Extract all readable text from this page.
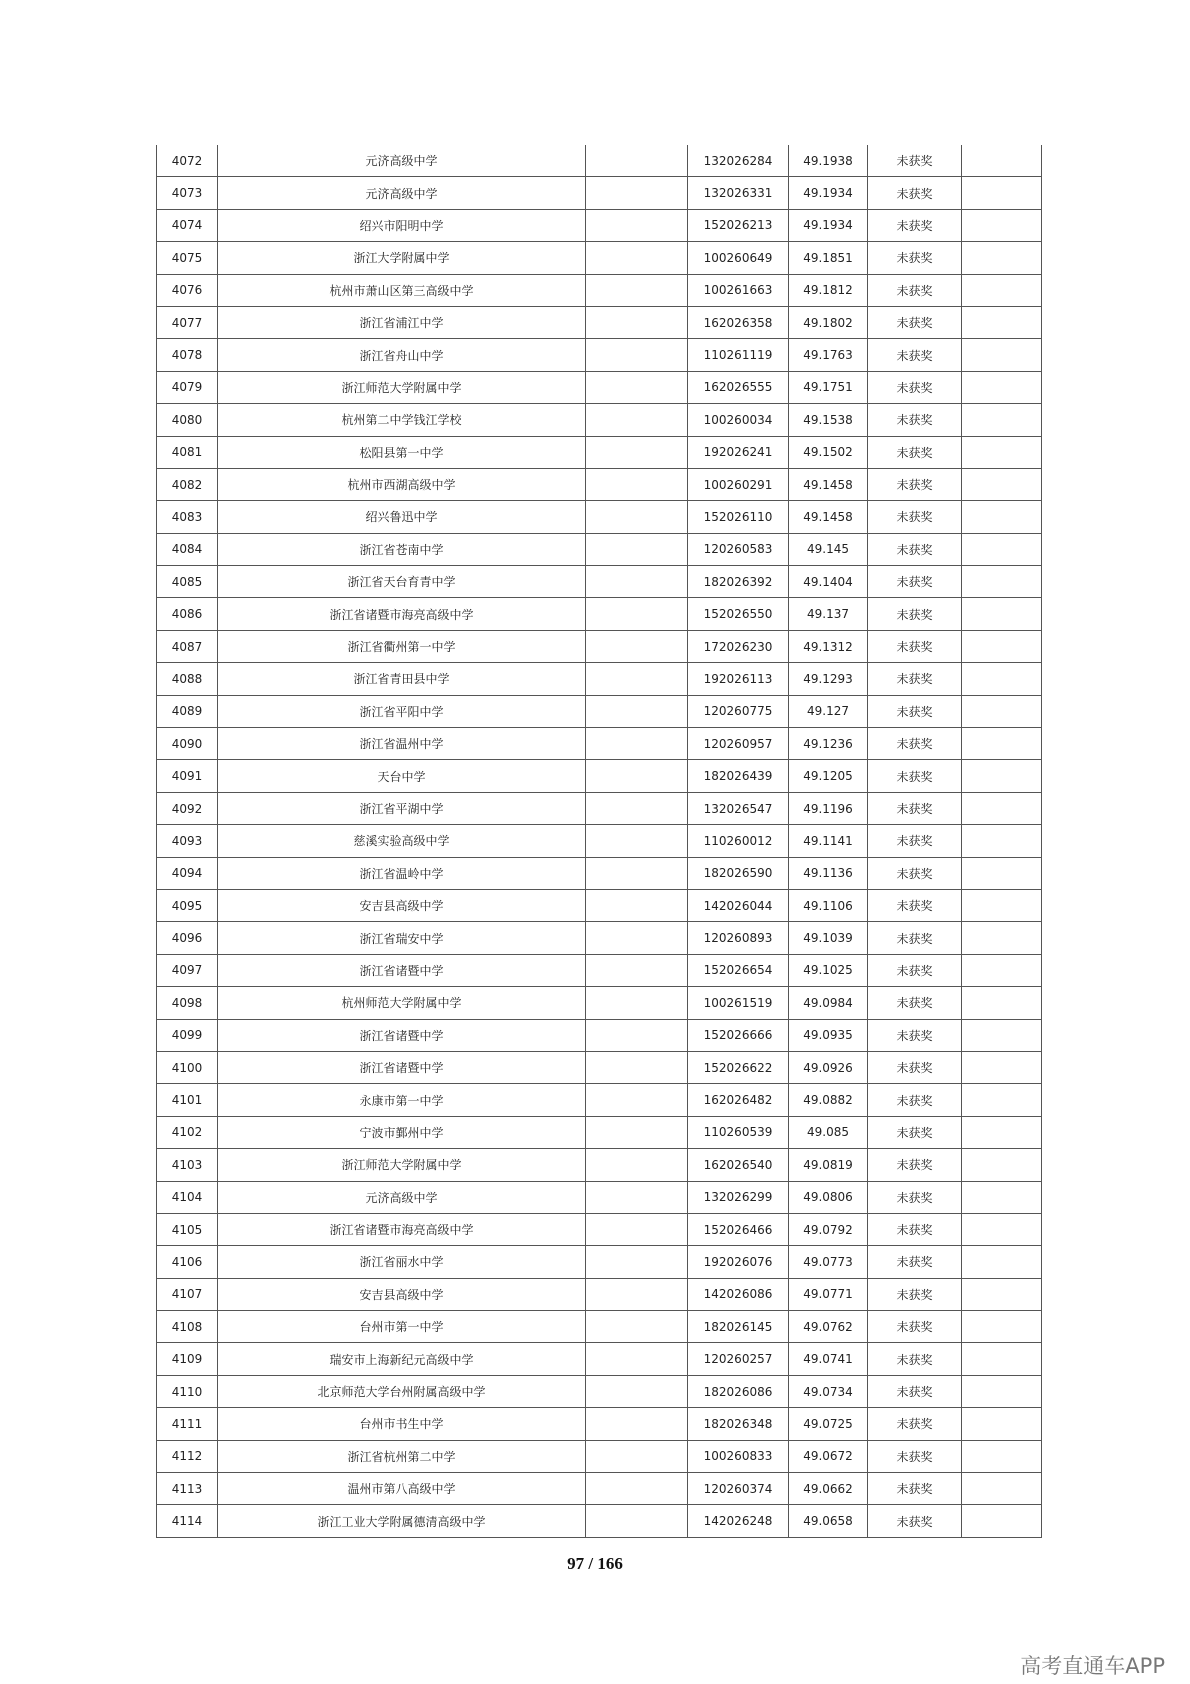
4072	元济高级中学		132026284	49.1938	未获奖	
4073	元济高级中学		132026331	49.1934	未获奖	
4074	绍兴市阳明中学		152026213	49.1934	未获奖	
4075	浙江大学附属中学		100260649	49.1851	未获奖	
4076	杭州市萧山区第三高级中学		100261663	49.1812	未获奖	
4077	浙江省浦江中学		162026358	49.1802	未获奖	
4078	浙江省舟山中学		110261119	49.1763	未获奖	
4079	浙江师范大学附属中学		162026555	49.1751	未获奖	
4080	杭州第二中学钱江学校		100260034	49.1538	未获奖	
4081	松阳县第一中学		192026241	49.1502	未获奖	
4082	杭州市西湖高级中学		100260291	49.1458	未获奖	
4083	绍兴鲁迅中学		152026110	49.1458	未获奖	
4084	浙江省苍南中学		120260583	49.145	未获奖	
4085	浙江省天台育青中学		182026392	49.1404	未获奖	
4086	浙江省诸暨市海亮高级中学		152026550	49.137	未获奖	
4087	浙江省衢州第一中学		172026230	49.1312	未获奖	
4088	浙江省青田县中学		192026113	49.1293	未获奖	
4089	浙江省平阳中学		120260775	49.127	未获奖	
4090	浙江省温州中学		120260957	49.1236	未获奖	
4091	天台中学		182026439	49.1205	未获奖	
4092	浙江省平湖中学		132026547	49.1196	未获奖	
4093	慈溪实验高级中学		110260012	49.1141	未获奖	
4094	浙江省温岭中学		182026590	49.1136	未获奖	
4095	安吉县高级中学		142026044	49.1106	未获奖	
4096	浙江省瑞安中学		120260893	49.1039	未获奖	
4097	浙江省诸暨中学		152026654	49.1025	未获奖	
4098	杭州师范大学附属中学		100261519	49.0984	未获奖	
4099	浙江省诸暨中学		152026666	49.0935	未获奖	
4100	浙江省诸暨中学		152026622	49.0926	未获奖	
4101	永康市第一中学		162026482	49.0882	未获奖	
4102	宁波市鄞州中学		110260539	49.085	未获奖	
4103	浙江师范大学附属中学		162026540	49.0819	未获奖	
4104	元济高级中学		132026299	49.0806	未获奖	
4105	浙江省诸暨市海亮高级中学		152026466	49.0792	未获奖	
4106	浙江省丽水中学		192026076	49.0773	未获奖	
4107	安吉县高级中学		142026086	49.0771	未获奖	
4108	台州市第一中学		182026145	49.0762	未获奖	
4109	瑞安市上海新纪元高级中学		120260257	49.0741	未获奖	
4110	北京师范大学台州附属高级中学		182026086	49.0734	未获奖	
4111	台州市书生中学		182026348	49.0725	未获奖	
4112	浙江省杭州第二中学		100260833	49.0672	未获奖	
4113	温州市第八高级中学		120260374	49.0662	未获奖	
4114	浙江工业大学附属德清高级中学		142026248	49.0658	未获奖	
97 / 166
高考直通车APP
